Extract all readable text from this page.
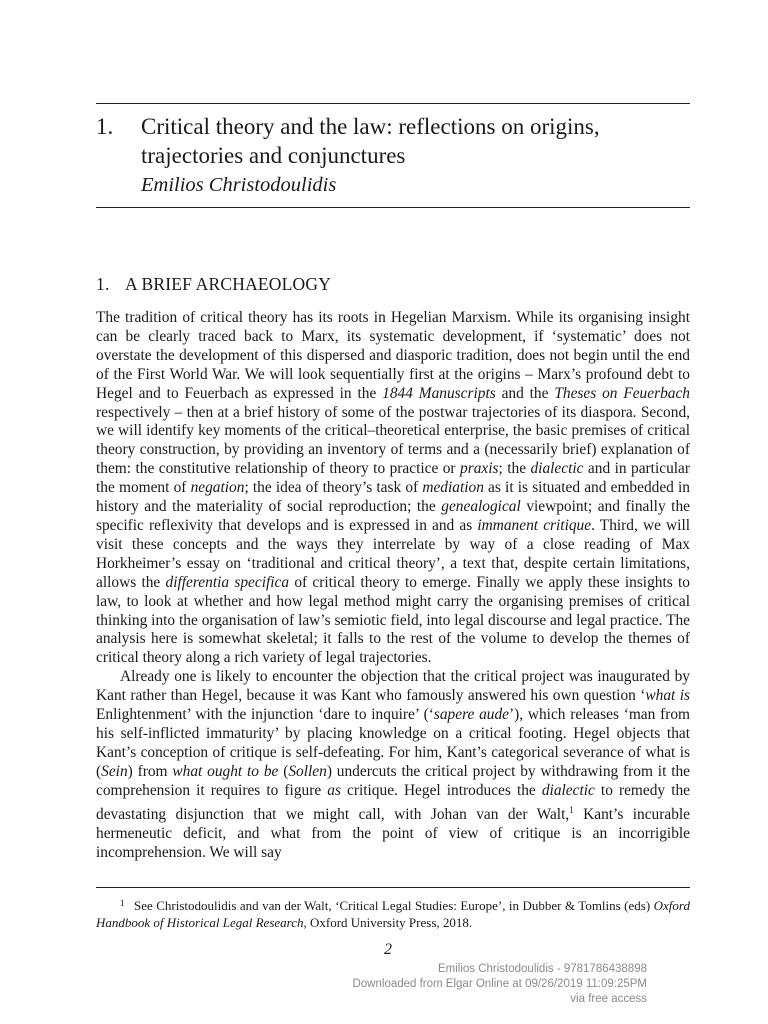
1. Critical theory and the law: reflections on origins, trajectories and conjunctures
Emilios Christodoulidis
1. A BRIEF ARCHAEOLOGY

The tradition of critical theory has its roots in Hegelian Marxism. While its organising insight can be clearly traced back to Marx, its systematic development, if ‘systematic’ does not overstate the development of this dispersed and diasporic tradition, does not begin until the end of the First World War. We will look sequentially first at the origins – Marx’s profound debt to Hegel and to Feuerbach as expressed in the 1844 Manuscripts and the Theses on Feuerbach respectively – then at a brief history of some of the postwar trajectories of its diaspora. Second, we will identify key moments of the critical–theoretical enterprise, the basic premises of critical theory construction, by providing an inventory of terms and a (necessarily brief) explanation of them: the constitutive relationship of theory to practice or praxis; the dialectic and in particular the moment of negation; the idea of theory’s task of mediation as it is situated and embedded in history and the materiality of social reproduction; the genealogical viewpoint; and finally the specific reflexivity that develops and is expressed in and as immanent critique. Third, we will visit these concepts and the ways they interrelate by way of a close reading of Max Horkheimer’s essay on ‘traditional and critical theory’, a text that, despite certain limitations, allows the differentia specifica of critical theory to emerge. Finally we apply these insights to law, to look at whether and how legal method might carry the organising premises of critical thinking into the organisation of law’s semiotic field, into legal discourse and legal practice. The analysis here is somewhat skeletal; it falls to the rest of the volume to develop the themes of critical theory along a rich variety of legal trajectories.

Already one is likely to encounter the objection that the critical project was inaugurated by Kant rather than Hegel, because it was Kant who famously answered his own question ‘what is Enlightenment’ with the injunction ‘dare to inquire’ (‘sapere aude’), which releases ‘man from his self-inflicted immaturity’ by placing knowledge on a critical footing. Hegel objects that Kant’s conception of critique is self-defeating. For him, Kant’s categorical severance of what is (Sein) from what ought to be (Sollen) undercuts the critical project by withdrawing from it the comprehension it requires to figure as critique. Hegel introduces the dialectic to remedy the devastating disjunction that we might call, with Johan van der Walt,$^1$ Kant’s incurable hermeneutic deficit, and what from the point of view of critique is an incorrigible incomprehension. We will say

1 See Christodoulidis and van der Walt, ‘Critical Legal Studies: Europe’, in Dubber & Tomlins (eds) Oxford Handbook of Historical Legal Research, Oxford University Press, 2018.
2
Emilios Christodoulidis - 9781786438898
Downloaded from Elgar Online at 09/26/2019 11:09:25PM
via free access
